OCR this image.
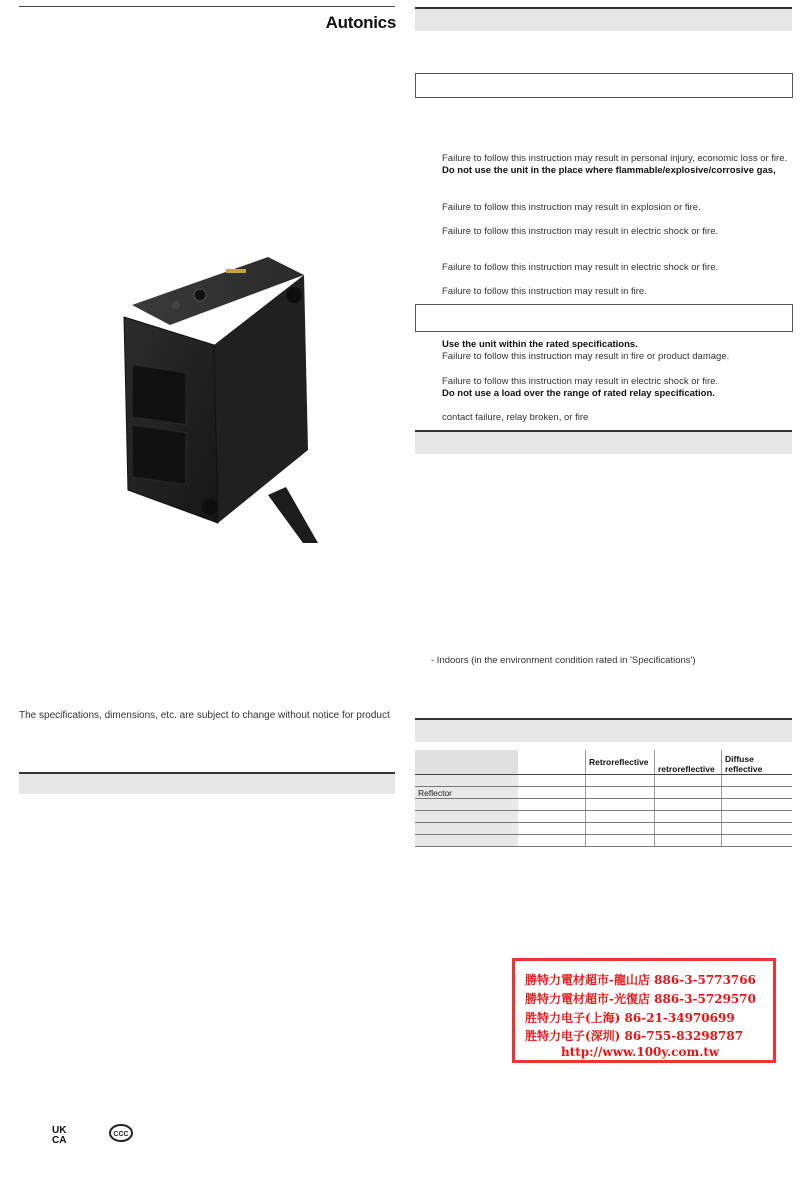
Autonics
The specifications, dimensions, etc. are subject to change without notice for product
UK
CA
CCC
Failure to follow this instruction may result in personal injury, economic loss or fire.
Do not use the unit in the place where flammable/explosive/corrosive gas,
Failure to follow this instruction may result in explosion or fire.
Failure to follow this instruction may result in electric shock or fire.
Failure to follow this instruction may result in electric shock or fire.
Failure to follow this instruction may result in fire.
Use the unit within the rated specifications.
Failure to follow this instruction may result in fire or product damage.
Failure to follow this instruction may result in electric shock or fire.
Do not use a load over the range of rated relay specification.
contact failure, relay broken, or fire
- Indoors (in the environment condition rated in 'Specifications')
		Retroreflective	retroreflective	Diffuse reflective

Reflector				

勝特力電材超市-龍山店 886-3-5773766
勝特力電材超市-光復店 886-3-5729570
胜特力电子(上海) 86-21-34970699
胜特力电子(深圳) 86-755-83298787
http://www.100y.com.tw
